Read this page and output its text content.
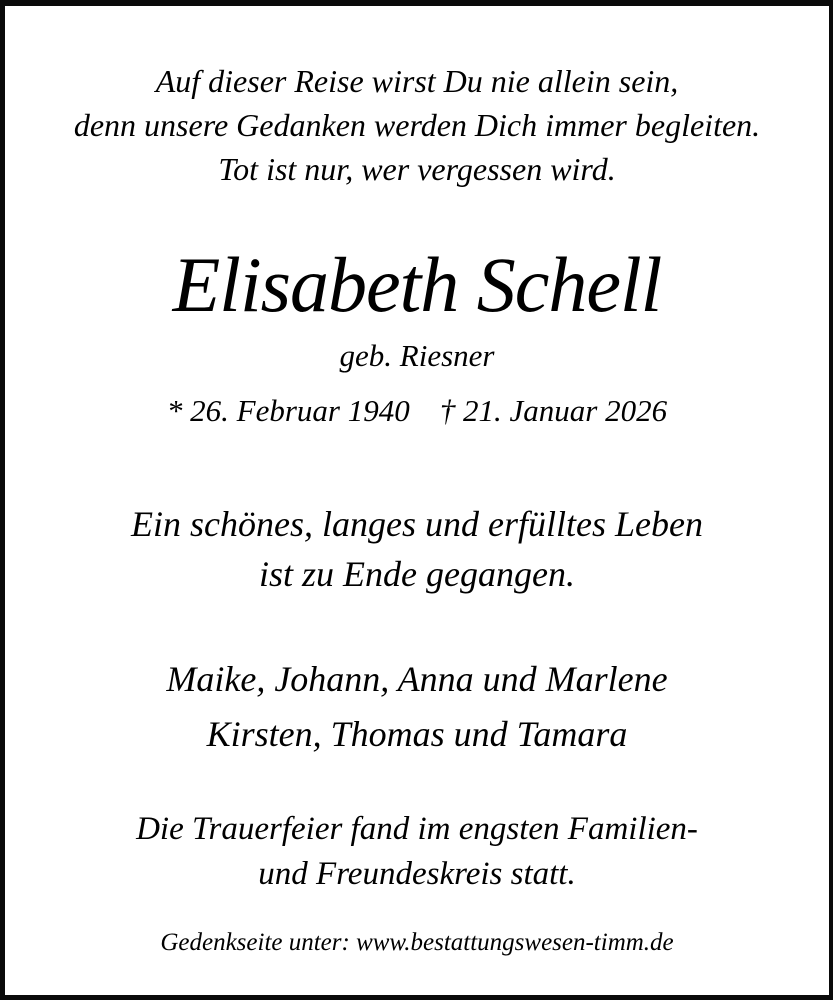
Auf dieser Reise wirst Du nie allein sein,
denn unsere Gedanken werden Dich immer begleiten.
Tot ist nur, wer vergessen wird.
Elisabeth Schell
geb. Riesner
* 26. Februar 1940 † 21. Januar 2026
Ein schönes, langes und erfülltes Leben
ist zu Ende gegangen.
Maike, Johann, Anna und Marlene
Kirsten, Thomas und Tamara
Die Trauerfeier fand im engsten Familien-
und Freundeskreis statt.
Gedenkseite unter: www.bestattungswesen-timm.de
